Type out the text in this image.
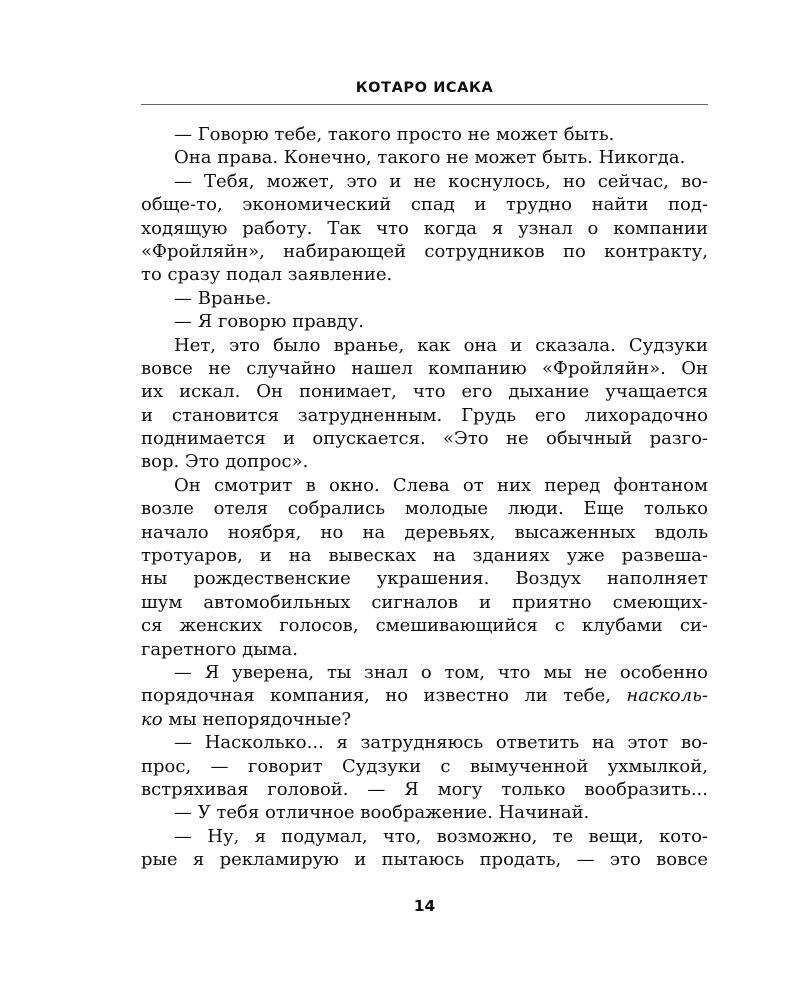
КОТАРО ИСАКА
— Говорю тебе, такого просто не может быть.
Она права. Конечно, такого не может быть. Никогда.
— Тебя, может, это и не коснулось, но сейчас, во-
обще-то, экономический спад и трудно найти под-
ходящую работу. Так что когда я узнал о компании
«Фройляйн», набирающей сотрудников по контракту,
то сразу подал заявление.
— Вранье.
— Я говорю правду.
Нет, это было вранье, как она и сказала. Судзуки
вовсе не случайно нашел компанию «Фройляйн». Он
их искал. Он понимает, что его дыхание учащается
и становится затрудненным. Грудь его лихорадочно
поднимается и опускается. «Это не обычный разго-
вор. Это допрос».
Он смотрит в окно. Слева от них перед фонтаном
возле отеля собрались молодые люди. Еще только
начало ноября, но на деревьях, высаженных вдоль
тротуаров, и на вывесках на зданиях уже развеша-
ны рождественские украшения. Воздух наполняет
шум автомобильных сигналов и приятно смеющих-
ся женских голосов, смешивающийся с клубами си-
гаретного дыма.
— Я уверена, ты знал о том, что мы не особенно
порядочная компания, но известно ли тебе, насколь-
ко мы непорядочные?
— Насколько... я затрудняюсь ответить на этот во-
прос, — говорит Судзуки с вымученной ухмылкой,
встряхивая головой. — Я могу только вообразить...
— У тебя отличное воображение. Начинай.
— Ну, я подумал, что, возможно, те вещи, кото-
рые я рекламирую и пытаюсь продать, — это вовсе
14
